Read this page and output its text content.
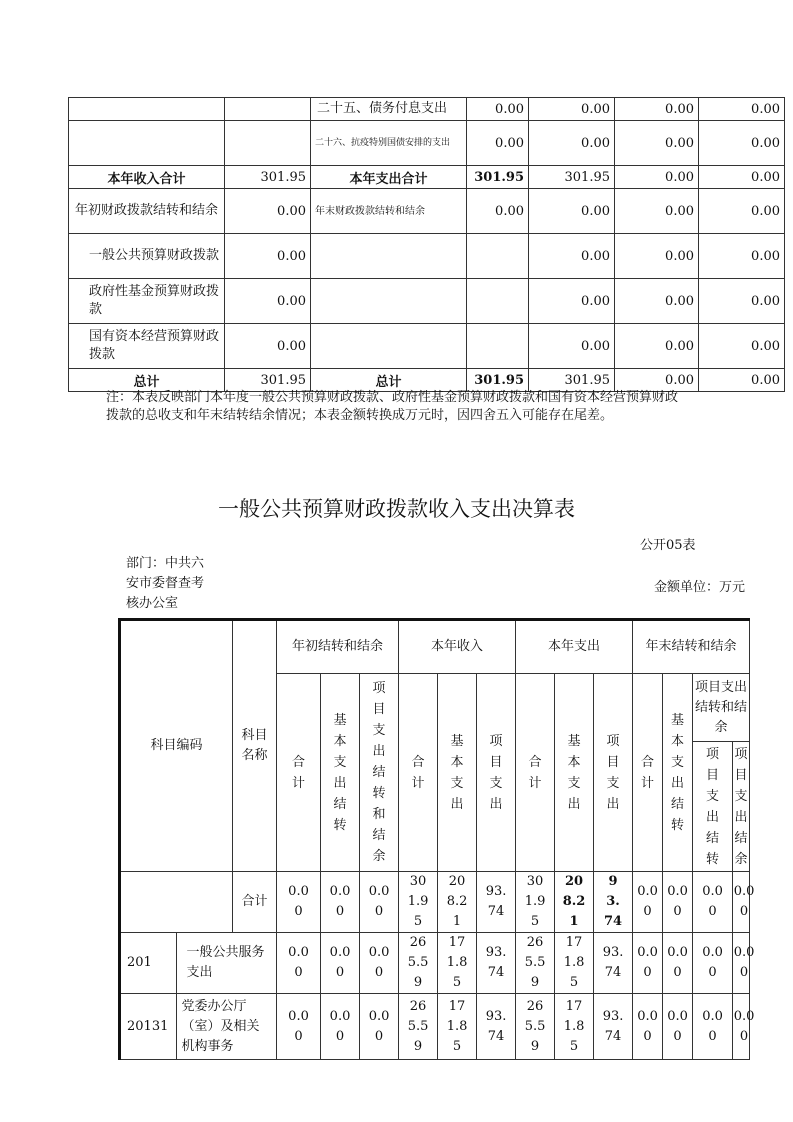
		二十五、债务付息支出	0.00	0.00	0.00	0.00
		二十六、抗疫特别国债安排的支出	0.00	0.00	0.00	0.00
本年收入合计	301.95	本年支出合计	301.95	301.95	0.00	0.00
年初财政拨款结转和结余	0.00	年末财政拨款结转和结余	0.00	0.00	0.00	0.00
一般公共预算财政拨款	0.00			0.00	0.00	0.00
政府性基金预算财政拨款	0.00			0.00	0.00	0.00
国有资本经营预算财政拨款	0.00			0.00	0.00	0.00
总计	301.95	总计	301.95	301.95	0.00	0.00
注：本表反映部门本年度一般公共预算财政拨款、政府性基金预算财政拨款和国有资本经营预算财政拨款的总收支和年末结转结余情况；本表金额转换成万元时，因四舍五入可能存在尾差。
一般公共预算财政拨款收入支出决算表
公开05表
部门：中共六安市委督查考核办公室
金额单位：万元
科目编码		科目名称	年初结转和结余			本年收入			本年支出			年末结转和结余			

			合计	基本支出结转	项目支出结转和结余	合计	基本支出	项目支出	合计	基本支出	项目支出	合计	基本支出结转	项目支出结转和结余	

														项目支出结转	项目支出结余

		合计	0.00	0.00	0.00	301.95	208.21	93.74	301.95	208.21	93.74	0.00	0.00	0.00	0.00

201	一般公共服务支出		0.00	0.00	0.00	265.59	171.85	93.74	265.59	171.85	93.74	0.00	0.00	0.00	0.00

20131	党委办公厅（室）及相关机构事务		0.00	0.00	0.00	265.59	171.85	93.74	265.59	171.85	93.74	0.00	0.00	0.00	0.00
